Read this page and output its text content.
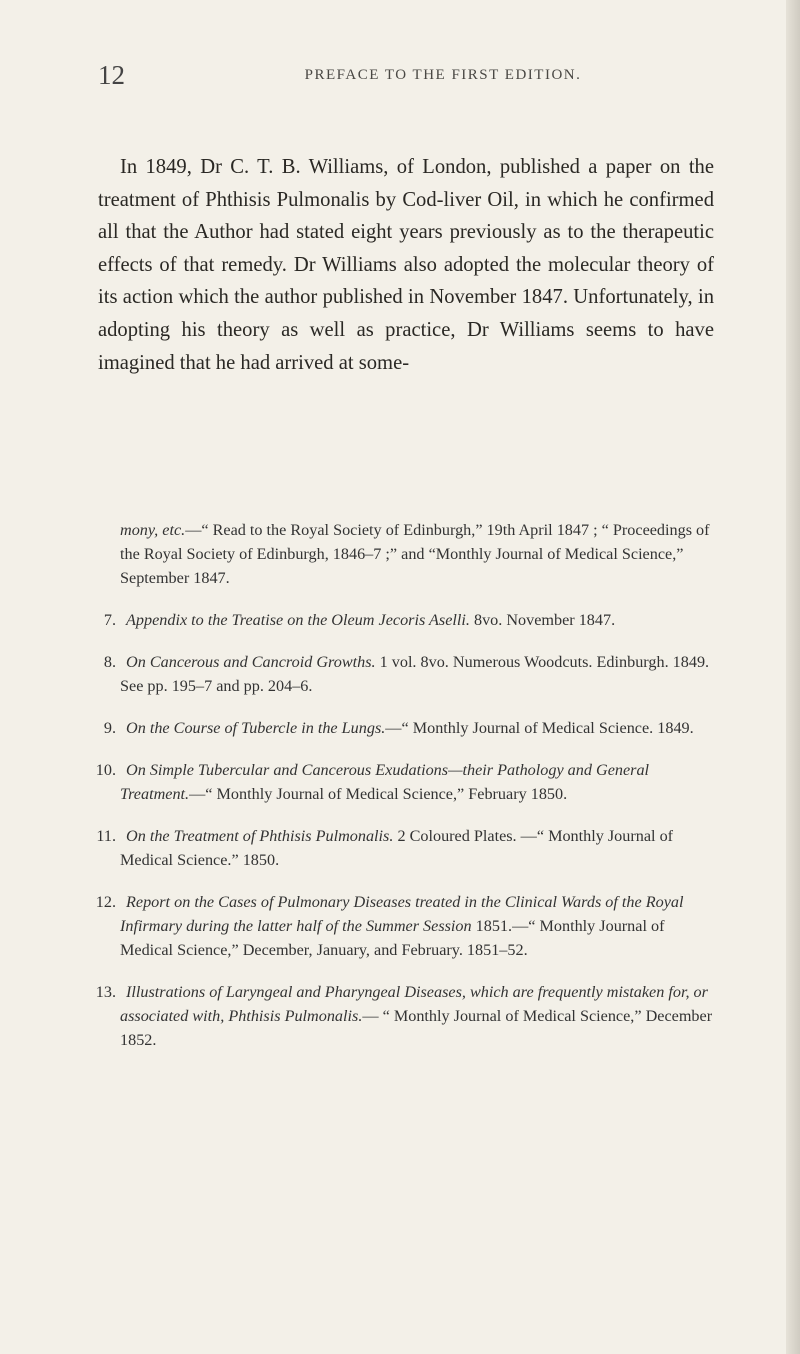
12	PREFACE TO THE FIRST EDITION.

In 1849, Dr C. T. B. Williams, of London, published a paper on the treatment of Phthisis Pulmonalis by Cod-liver Oil, in which he confirmed all that the Author had stated eight years previously as to the therapeutic effects of that remedy. Dr Williams also adopted the molecular theory of its action which the author published in November 1847. Unfortunately, in adopting his theory as well as practice, Dr Williams seems to have imagined that he had arrived at some-

mony, etc.—“ Read to the Royal Society of Edinburgh,” 19th April 1847 ; “ Proceedings of the Royal Society of Edinburgh, 1846–7 ;” and “Monthly Journal of Medical Science,” September 1847.

7. Appendix to the Treatise on the Oleum Jecoris Aselli. 8vo. November 1847.

8. On Cancerous and Cancroid Growths. 1 vol. 8vo. Numerous Woodcuts. Edinburgh. 1849. See pp. 195–7 and pp. 204–6.

9. On the Course of Tubercle in the Lungs.—“ Monthly Journal of Medical Science. 1849.

10. On Simple Tubercular and Cancerous Exudations—their Pathology and General Treatment.—“ Monthly Journal of Medical Science,” February 1850.

11. On the Treatment of Phthisis Pulmonalis. 2 Coloured Plates. —“ Monthly Journal of Medical Science.” 1850.

12. Report on the Cases of Pulmonary Diseases treated in the Clinical Wards of the Royal Infirmary during the latter half of the Summer Session 1851.—“ Monthly Journal of Medical Science,” December, January, and February. 1851–52.

13. Illustrations of Laryngeal and Pharyngeal Diseases, which are frequently mistaken for, or associated with, Phthisis Pulmonalis.— “ Monthly Journal of Medical Science,” December 1852.
